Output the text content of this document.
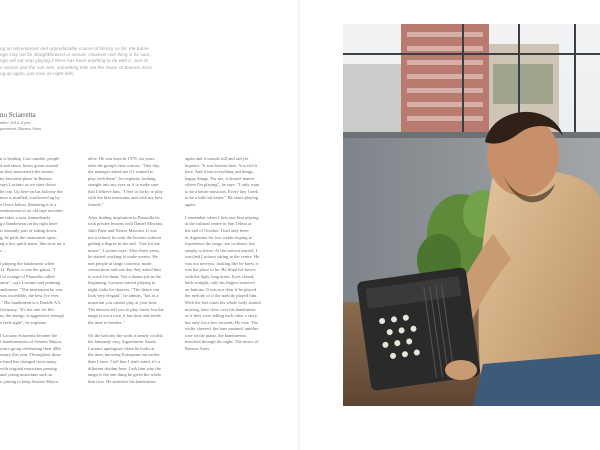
ng an adventurous and unpredictable course of history so far, the future

ngo may not be straightforward or secure. However one thing is for sure,

ngo will not stop playing if there has been anything to do with it. Just as

n rumors and the sun sets, something tells me the music of Buenos Aires

ng up again, just now, as night falls.

no Sciarretta

mber 2012, 6 pm,

partment, Buenos Aires

n is healing. Cars rumble, people
d and shout, buses groan around
as they manoeuvre the streets.
ny favourite place in Buenos
says Luciano as we stare down
he city. Up here on his balcony the
ness is muffled, swallowed up by
e floors below, flattening it to a
reminiscent of an old tape recorder.
ne takes a seat, immediately
g a bandoneon on his right knee
is instantly part of sitting down.
g, he pulls the instrument open,
ng a few quick notes, like slow air a
s ...

l playing the bandoneon when
12. Before, it was the guitar. "I
l to a range of Piazzolla called
aime", says Luciano and pointing
andoneon. "The instrument he was
was incredible, the best I've ever
." His bandoneon is a Double AA,
Germany, "It's the one for life.
ny the energy, is aggressive enough
e feels right", he explains.

l Luciano Sciarretta became the
f bandoneonists of Sexteto Mayor,
years group celebrating their 40th
ersary this year. Throughout those
e band has changed faces many
with original musicians passing
and young musicians such as
o joining to keep Sexteto Mayor
alive. He was born in 1979, six years
after the group's first concert. "One day,
the manager asked me if I wanted to
play with them", he explains, looking
straight into my eyes as if to make sure
that I believe him. "I feel so lucky to play
with the best musicians and with my best
friends."

After finding inspiration in Piazzolla he
took private lessons with Daniel Moyano,
Julio Pane and Nestor Marconi. It was
not a school, he took the lessons without
getting a degree in the end. "Just for the
music", Luciano says. After three years,
he started working to make money. He
met people at tango concerts, made
connections and one day they asked him
to work for them. Not a dream job in the
beginning, Luciano started playing in
night clubs for dancers. "The dance can
look very elegant", he admits, "but as a
musician you cannot play at your best.
The dancers tell you to play faster, but the
tango is not a race, it has time and needs
the time to breathe."

On the balcony the work is nearly cooled,
the famously easy Argentinean Asado.
Luciano apologises when he looks at
the time, knowing Europeans eat earlier
than I have. I tell him I don't mind, it's a
different rhythm here. I ask him why the
tango is the one thing he gives his whole
heart too. He stretches his bandoneon
again and it sounds full and sad yet
hopeful. "It was heaven here. You feel it
here. And it has everything sad things,
happy things. For me, it doesn't matter
where I'm playing", he says. "I only want
to be a better musician. Every day I seek
to be a little bit better." He starts playing
again.

I remember when I first saw him playing
at the cultural centre in San Telmo at
the end of October. I had only been
in Argentina for two weeks hoping to
experience the tango, see or dance, but
simply to listen. At the concert started, I
watched Luciano sitting in the centre. He
was not nervous, looking like he knew it
was his place to be. He lifted his brows
with the high, long notes. Eyes closed,
back straight, only his fingers bounced
on buttons. It was not clear if he played
the melody or if the melody played him.
With the feet tones his whole body started
moving, bent close over his bandoneon
as if they were telling each other a story,
but only for a few seconds. He rose. The
violin cheered, the bass moaned, another
rose on the piano, the bandoneons
marched through the night. The music of
Buenos Aires.
